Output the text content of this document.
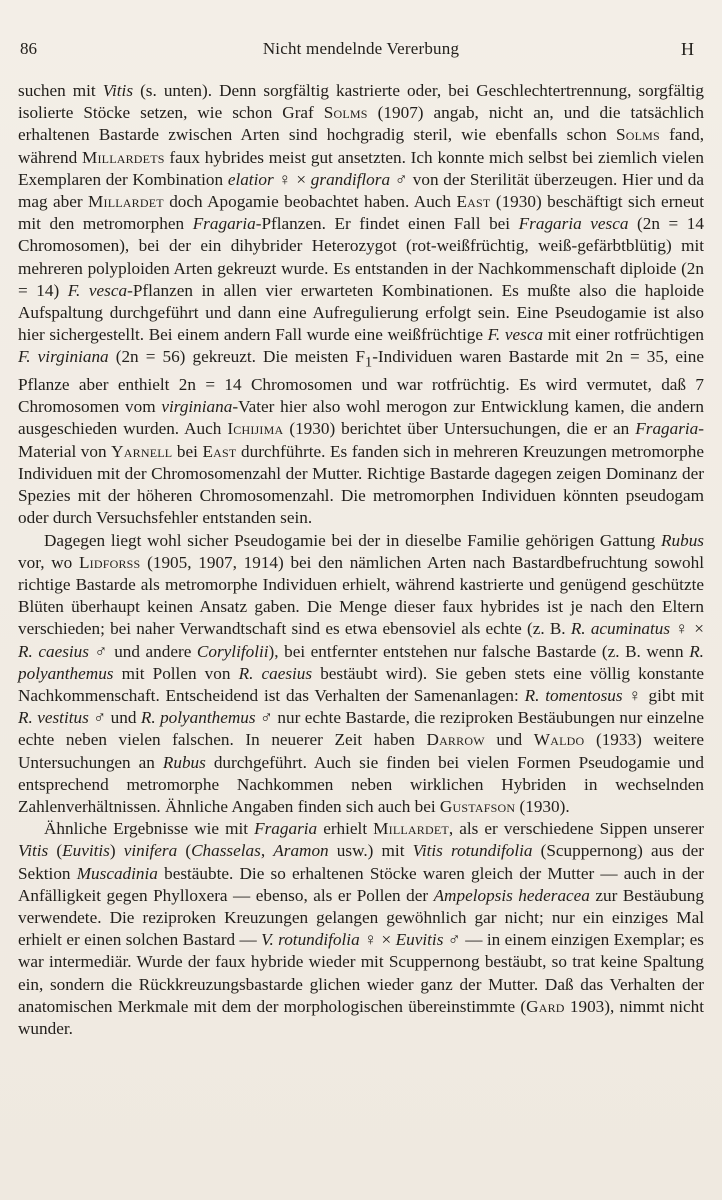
86	Nicht mendelnde Vererbung	H

suchen mit Vitis (s. unten). Denn sorgfältig kastrierte oder, bei Geschlechtertrennung, sorgfältig isolierte Stöcke setzen, wie schon Graf Solms (1907) angab, nicht an, und die tatsächlich erhaltenen Bastarde zwischen Arten sind hochgradig steril, wie ebenfalls schon Solms fand, während Millardets faux hybrides meist gut ansetzten. Ich konnte mich selbst bei ziemlich vielen Exemplaren der Kombination elatior ♀ × grandiflora ♂ von der Sterilität überzeugen. Hier und da mag aber Millardet doch Apogamie beobachtet haben. Auch East (1930) beschäftigt sich erneut mit den metromorphen Fragaria-Pflanzen. Er findet einen Fall bei Fragaria vesca (2n = 14 Chromosomen), bei der ein dihybrider Heterozygot (rot-weißfrüchtig, weiß-gefärbtblütig) mit mehreren polyploiden Arten gekreuzt wurde. Es entstanden in der Nachkommenschaft diploide (2n = 14) F. vesca-Pflanzen in allen vier erwarteten Kombinationen. Es mußte also die haploide Aufspaltung durchgeführt und dann eine Aufregulierung erfolgt sein. Eine Pseudogamie ist also hier sichergestellt. Bei einem andern Fall wurde eine weißfrüchtige F. vesca mit einer rotfrüchtigen F. virginiana (2n = 56) gekreuzt. Die meisten $F_1$-Individuen waren Bastarde mit 2n = 35, eine Pflanze aber enthielt 2n = 14 Chromosomen und war rotfrüchtig. Es wird vermutet, daß 7 Chromosomen vom virginiana-Vater hier also wohl merogon zur Entwicklung kamen, die andern ausgeschieden wurden. Auch Ichijima (1930) berichtet über Untersuchungen, die er an Fragaria-Material von Yarnell bei East durchführte. Es fanden sich in mehreren Kreuzungen metromorphe Individuen mit der Chromosomenzahl der Mutter. Richtige Bastarde dagegen zeigen Dominanz der Spezies mit der höheren Chromosomenzahl. Die metromorphen Individuen könnten pseudogam oder durch Versuchsfehler entstanden sein.

Dagegen liegt wohl sicher Pseudogamie bei der in dieselbe Familie gehörigen Gattung Rubus vor, wo Lidforss (1905, 1907, 1914) bei den nämlichen Arten nach Bastardbefruchtung sowohl richtige Bastarde als metromorphe Individuen erhielt, während kastrierte und genügend geschützte Blüten überhaupt keinen Ansatz gaben. Die Menge dieser faux hybrides ist je nach den Eltern verschieden; bei naher Verwandtschaft sind es etwa ebensoviel als echte (z. B. R. acuminatus ♀ × R. caesius ♂ und andere Corylifolii), bei entfernter entstehen nur falsche Bastarde (z. B. wenn R. polyanthemus mit Pollen von R. caesius bestäubt wird). Sie geben stets eine völlig konstante Nachkommenschaft. Entscheidend ist das Verhalten der Samenanlagen: R. tomentosus ♀ gibt mit R. vestitus ♂ und R. polyanthemus ♂ nur echte Bastarde, die reziproken Bestäubungen nur einzelne echte neben vielen falschen. In neuerer Zeit haben Darrow und Waldo (1933) weitere Untersuchungen an Rubus durchgeführt. Auch sie finden bei vielen Formen Pseudogamie und entsprechend metromorphe Nachkommen neben wirklichen Hybriden in wechselnden Zahlenverhältnissen. Ähnliche Angaben finden sich auch bei Gustafson (1930).

Ähnliche Ergebnisse wie mit Fragaria erhielt Millardet, als er verschiedene Sippen unserer Vitis (Euvitis) vinifera (Chasselas, Aramon usw.) mit Vitis rotundifolia (Scuppernong) aus der Sektion Muscadinia bestäubte. Die so erhaltenen Stöcke waren gleich der Mutter — auch in der Anfälligkeit gegen Phylloxera — ebenso, als er Pollen der Ampelopsis hederacea zur Bestäubung verwendete. Die reziproken Kreuzungen gelangen gewöhnlich gar nicht; nur ein einziges Mal erhielt er einen solchen Bastard — V. rotundifolia ♀ × Euvitis ♂ — in einem einzigen Exemplar; es war intermediär. Wurde der faux hybride wieder mit Scuppernong bestäubt, so trat keine Spaltung ein, sondern die Rückkreuzungsbastarde glichen wieder ganz der Mutter. Daß das Verhalten der anatomischen Merkmale mit dem der morphologischen übereinstimmte (Gard 1903), nimmt nicht wunder.
